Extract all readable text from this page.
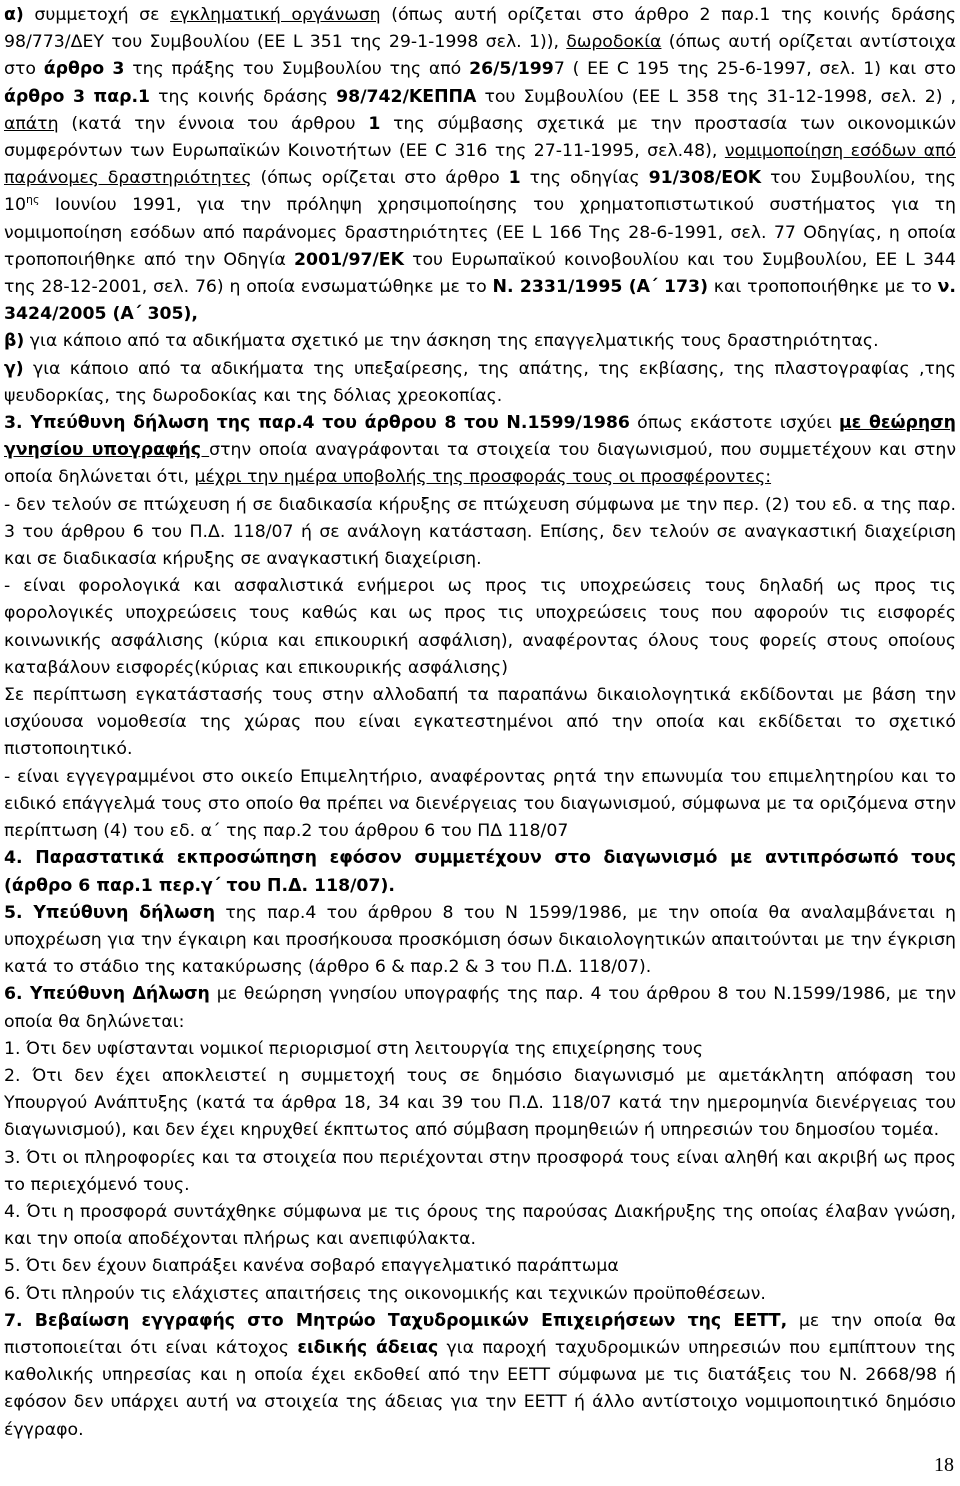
α) συμμετοχή σε εγκληματική οργάνωση (όπως αυτή ορίζεται στο άρθρο 2 παρ.1 της κοινής δράσης 98/773/ΔΕΥ του Συμβουλίου (ΕΕ L 351 της 29-1-1998 σελ. 1)), δωροδοκία (όπως αυτή ορίζεται αντίστοιχα στο άρθρο 3 της πράξης του Συμβουλίου της από 26/5/1997 ( ΕΕ C 195 της 25-6-1997, σελ. 1) και στο άρθρο 3 παρ.1 της κοινής δράσης 98/742/ΚΕΠΠΑ του Συμβουλίου (ΕΕ L 358 της 31-12-1998, σελ. 2) , απάτη (κατά την έννοια του άρθρου 1 της σύμβασης σχετικά με την προστασία των οικονομικών συμφερόντων των Ευρωπαϊκών Κοινοτήτων (ΕΕ C 316 της 27-11-1995, σελ.48), νομιμοποίηση εσόδων από παράνομες δραστηριότητες (όπως ορίζεται στο άρθρο 1 της οδηγίας 91/308/ΕΟΚ του Συμβουλίου, της $10^{\eta\varsigma}$ Ιουνίου 1991, για την πρόληψη χρησιμοποίησης του χρηματοπιστωτικού συστήματος για τη νομιμοποίηση εσόδων από παράνομες δραστηριότητες (ΕΕ L 166 Της 28-6-1991, σελ. 77 Οδηγίας, η οποία τροποποιήθηκε από την Οδηγία 2001/97/ΕΚ του Ευρωπαϊκού κοινοβουλίου και του Συμβουλίου, ΕΕ L 344 της 28-12-2001, σελ. 76) η οποία ενσωματώθηκε με το Ν. 2331/1995 (Α΄ 173) και τροποποιήθηκε με το ν. 3424/2005 (Α΄ 305),

β) για κάποιο από τα αδικήματα σχετικό με την άσκηση της επαγγελματικής τους δραστηριότητας.

γ) για κάποιο από τα αδικήματα της υπεξαίρεσης, της απάτης, της εκβίασης, της πλαστογραφίας ,της ψευδορκίας, της δωροδοκίας και της δόλιας χρεοκοπίας.

3. Υπεύθυνη δήλωση της παρ.4 του άρθρου 8 του Ν.1599/1986 όπως εκάστοτε ισχύει με θεώρηση γνησίου υπογραφής στην οποία αναγράφονται τα στοιχεία του διαγωνισμού, που συμμετέχουν και στην οποία δηλώνεται ότι, μέχρι την ημέρα υποβολής της προσφοράς τους οι προσφέροντες:

- δεν τελούν σε πτώχευση ή σε διαδικασία κήρυξης σε πτώχευση σύμφωνα με την περ. (2) του εδ. α της παρ. 3 του άρθρου 6 του Π.Δ. 118/07 ή σε ανάλογη κατάσταση. Επίσης, δεν τελούν σε αναγκαστική διαχείριση και σε διαδικασία κήρυξης σε αναγκαστική διαχείριση.

- είναι φορολογικά και ασφαλιστικά ενήμεροι ως προς τις υποχρεώσεις τους δηλαδή ως προς τις φορολογικές υποχρεώσεις τους καθώς και ως προς τις υποχρεώσεις τους που αφορούν τις εισφορές κοινωνικής ασφάλισης (κύρια και επικουρική ασφάλιση), αναφέροντας όλους τους φορείς στους οποίους καταβάλουν εισφορές(κύριας και επικουρικής ασφάλισης)

Σε περίπτωση εγκατάστασής τους στην αλλοδαπή τα παραπάνω δικαιολογητικά εκδίδονται με βάση την ισχύουσα νομοθεσία της χώρας που είναι εγκατεστημένοι από την οποία και εκδίδεται το σχετικό πιστοποιητικό.

- είναι εγγεγραμμένοι στο οικείο Επιμελητήριο, αναφέροντας ρητά την επωνυμία του επιμελητηρίου και το ειδικό επάγγελμά τους στο οποίο θα πρέπει να διενέργειας του διαγωνισμού, σύμφωνα με τα οριζόμενα στην περίπτωση (4) του εδ. α΄ της παρ.2 του άρθρου 6 του ΠΔ 118/07

4. Παραστατικά εκπροσώπηση εφόσον συμμετέχουν στο διαγωνισμό με αντιπρόσωπό τους (άρθρο 6 παρ.1 περ.γ΄ του Π.Δ. 118/07).

5. Υπεύθυνη δήλωση της παρ.4 του άρθρου 8 του Ν 1599/1986, με την οποία θα αναλαμβάνεται η υποχρέωση για την έγκαιρη και προσήκουσα προσκόμιση όσων δικαιολογητικών απαιτούνται με την έγκριση κατά το στάδιο της κατακύρωσης (άρθρο 6 & παρ.2 & 3 του Π.Δ. 118/07).

6. Υπεύθυνη Δήλωση με θεώρηση γνησίου υπογραφής της παρ. 4 του άρθρου 8 του Ν.1599/1986, με την οποία θα δηλώνεται:

1. Ότι δεν υφίστανται νομικοί περιορισμοί στη λειτουργία της επιχείρησης τους

2. Ότι δεν έχει αποκλειστεί η συμμετοχή τους σε δημόσιο διαγωνισμό με αμετάκλητη απόφαση του Υπουργού Ανάπτυξης (κατά τα άρθρα 18, 34 και 39 του Π.Δ. 118/07 κατά την ημερομηνία διενέργειας του διαγωνισμού), και δεν έχει κηρυχθεί έκπτωτος από σύμβαση προμηθειών ή υπηρεσιών του δημοσίου τομέα.

3. Ότι οι πληροφορίες και τα στοιχεία που περιέχονται στην προσφορά τους είναι αληθή και ακριβή ως προς το περιεχόμενό τους.

4. Ότι η προσφορά συντάχθηκε σύμφωνα με τις όρους της παρούσας Διακήρυξης της οποίας έλαβαν γνώση, και την οποία αποδέχονται πλήρως και ανεπιφύλακτα.

5. Ότι δεν έχουν διαπράξει κανένα σοβαρό επαγγελματικό παράπτωμα

6. Ότι πληρούν τις ελάχιστες απαιτήσεις της οικονομικής και τεχνικών προϋποθέσεων.

7. Βεβαίωση εγγραφής στο Μητρώο Ταχυδρομικών Επιχειρήσεων της ΕΕΤΤ, με την οποία θα πιστοποιείται ότι είναι κάτοχος ειδικής άδειας για παροχή ταχυδρομικών υπηρεσιών που εμπίπτουν της καθολικής υπηρεσίας και η οποία έχει εκδοθεί από την ΕΕΤΤ σύμφωνα με τις διατάξεις του Ν. 2668/98 ή εφόσον δεν υπάρχει αυτή να στοιχεία της άδειας για την ΕΕΤΤ ή άλλο αντίστοιχο νομιμοποιητικό δημόσιο έγγραφο.

18
